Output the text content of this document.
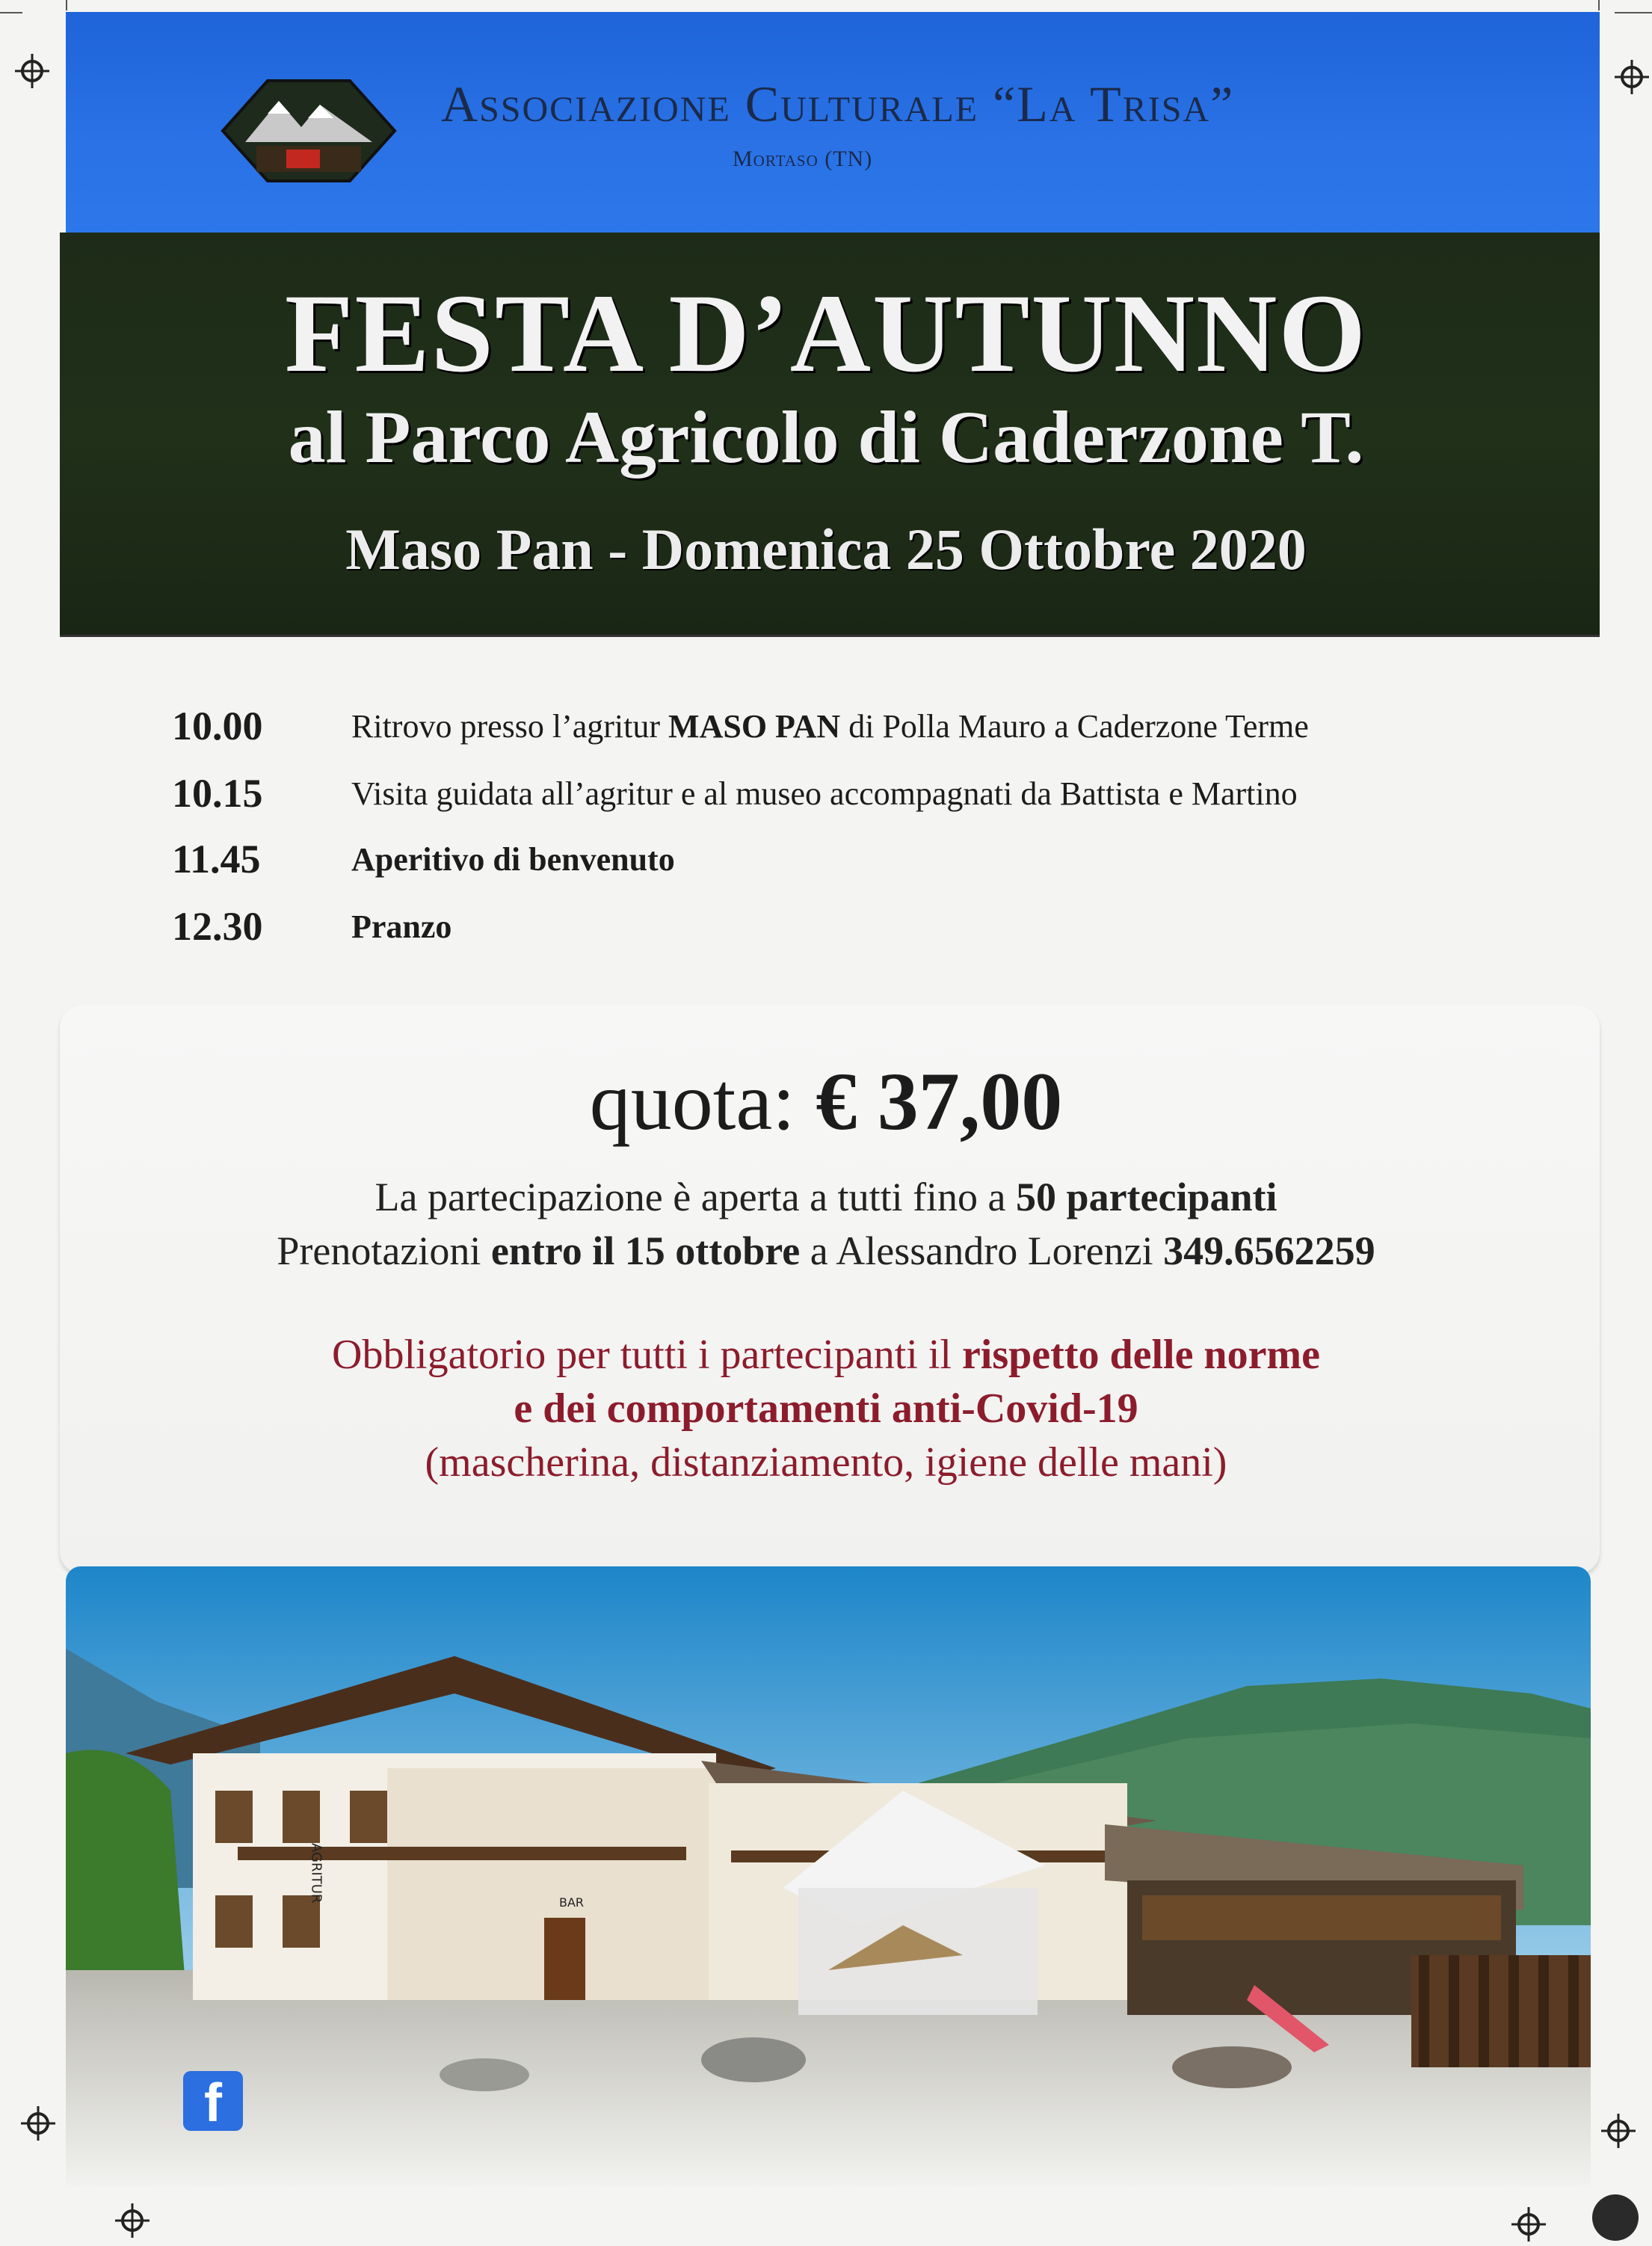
Associazione Culturale “La Trisa”
Mortaso (TN)
FESTA D’AUTUNNO
al Parco Agricolo di Caderzone T.
Maso Pan - Domenica 25 Ottobre 2020
10.00	Ritrovo presso l’agritur MASO PAN di Polla Mauro a Caderzone Terme
10.15	Visita guidata all’agritur e al museo accompagnati da Battista e Martino
11.45	Aperitivo di benvenuto
12.30	Pranzo
quota: € 37,00
La partecipazione è aperta a tutti fino a 50 partecipanti
Prenotazioni entro il 15 ottobre a Alessandro Lorenzi 349.6562259
Obbligatorio per tutti i partecipanti il rispetto delle norme
e dei comportamenti anti-Covid-19
(mascherina, distanziamento, igiene delle mani)
AGRITUR	BAR
f
